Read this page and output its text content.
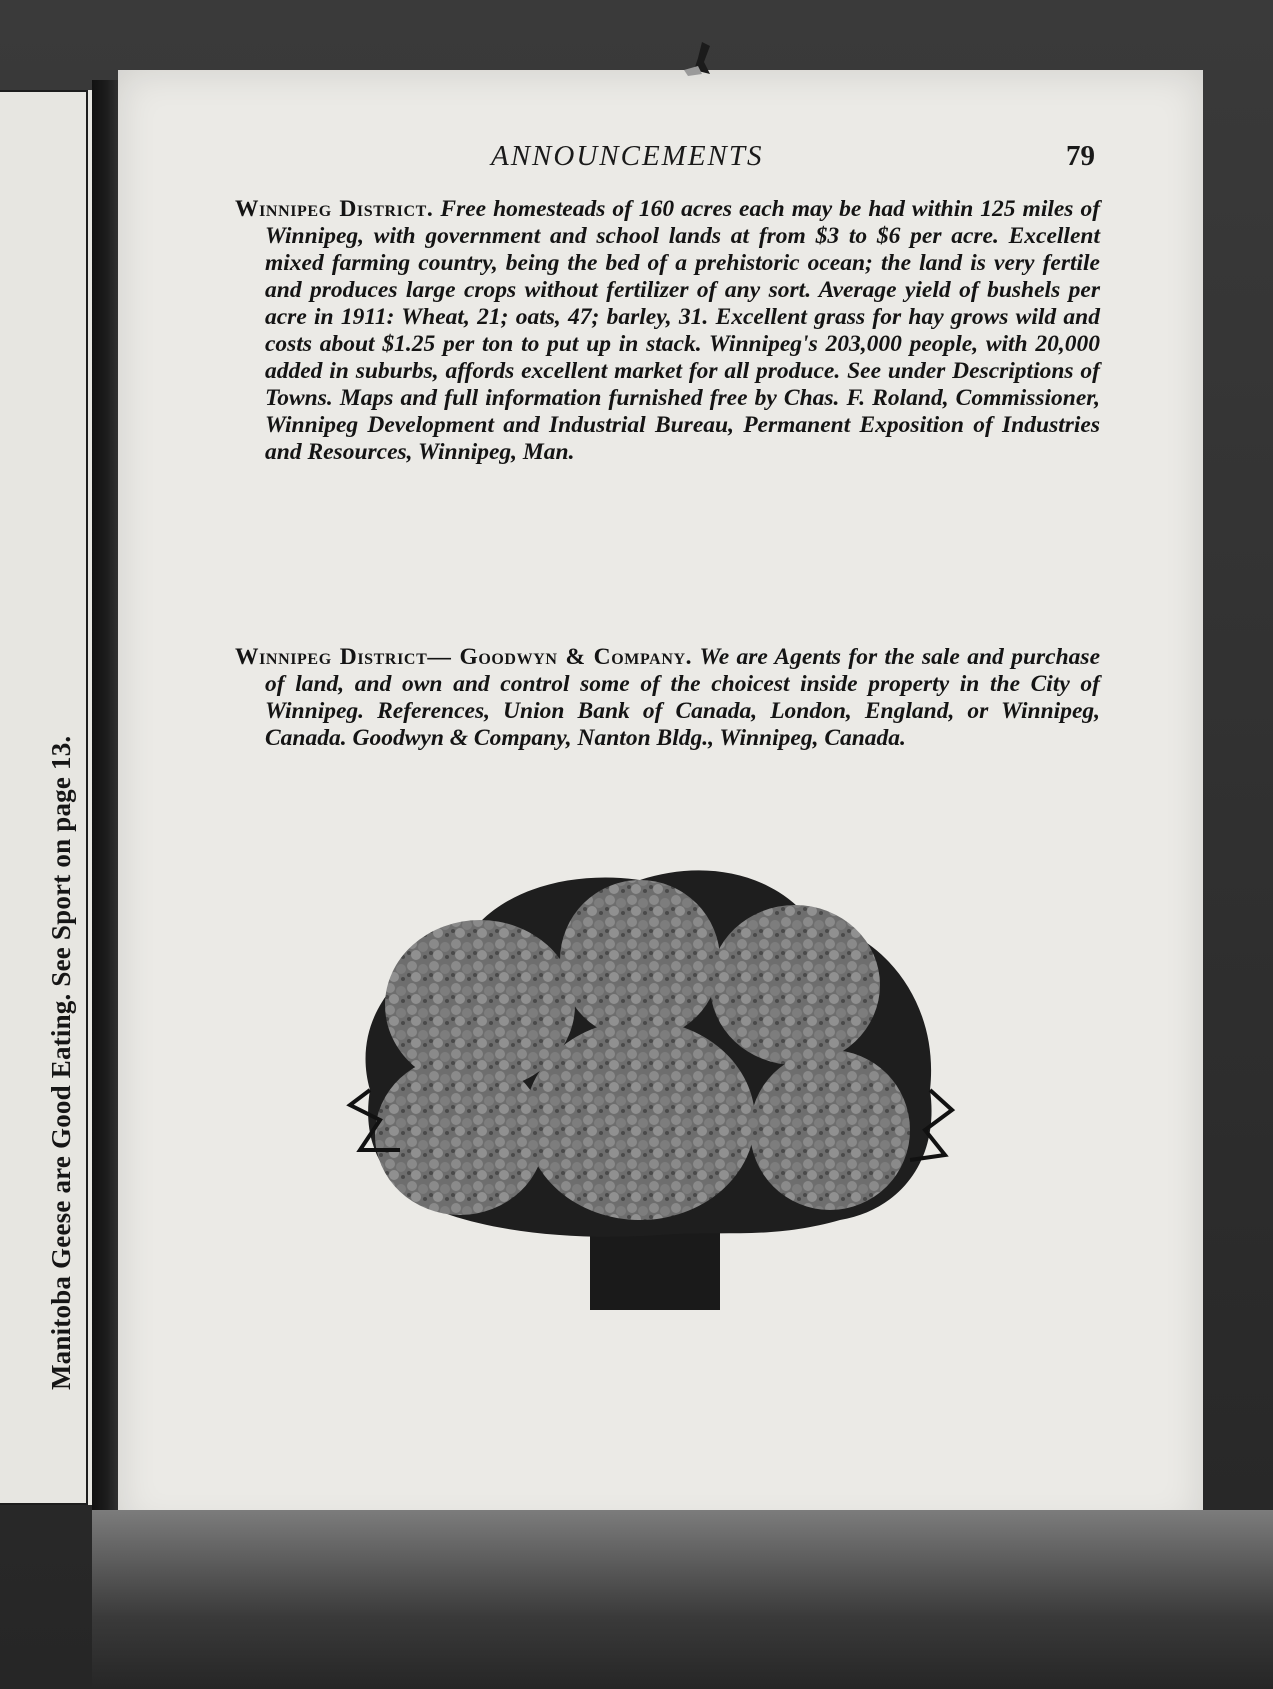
Manitoba Geese are Good Eating. See Sport on page 13.
ANNOUNCEMENTS	79

Winnipeg District. Free homesteads of 160 acres each may be had within 125 miles of Winnipeg, with government and school lands at from $3 to $6 per acre. Excellent mixed farming country, being the bed of a prehistoric ocean; the land is very fertile and produces large crops without fertilizer of any sort. Average yield of bushels per acre in 1911: Wheat, 21; oats, 47; barley, 31. Excellent grass for hay grows wild and costs about $1.25 per ton to put up in stack. Winnipeg's 203,000 people, with 20,000 added in suburbs, affords excellent market for all produce. See under Descriptions of Towns. Maps and full information furnished free by Chas. F. Roland, Commissioner, Winnipeg Development and Industrial Bureau, Permanent Exposition of Industries and Resources, Winnipeg, Man.

Winnipeg District— Goodwyn & Company. We are Agents for the sale and purchase of land, and own and control some of the choicest inside property in the City of Winnipeg. References, Union Bank of Canada, London, England, or Winnipeg, Canada. Goodwyn & Company, Nanton Bldg., Winnipeg, Canada.
